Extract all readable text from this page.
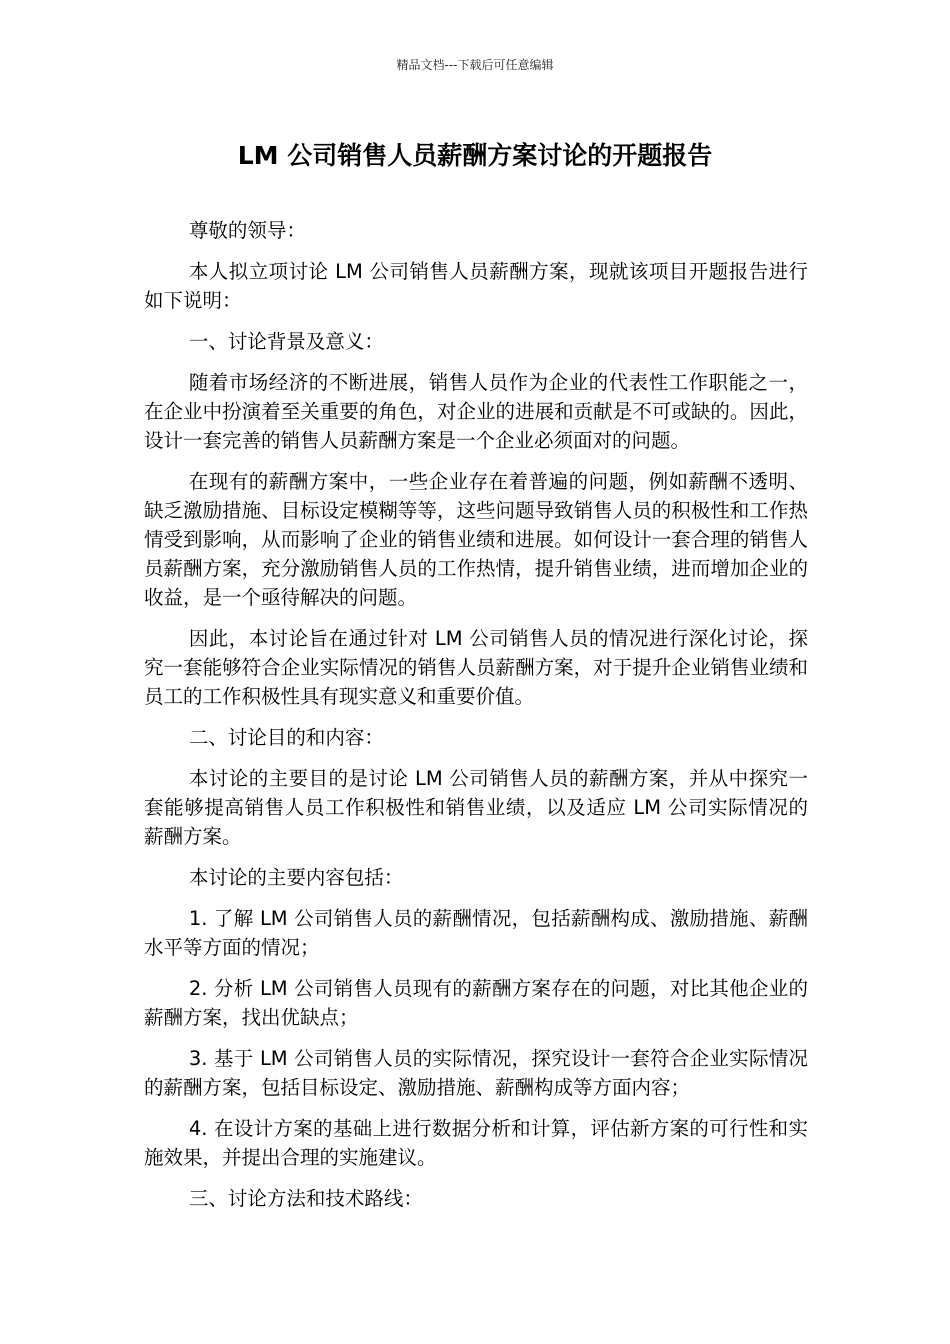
精品文档---下载后可任意编辑
LM 公司销售人员薪酬方案讨论的开题报告

尊敬的领导：

本人拟立项讨论 LM 公司销售人员薪酬方案，现就该项目开题报告进行如下说明：

一、讨论背景及意义：

随着市场经济的不断进展，销售人员作为企业的代表性工作职能之一，在企业中扮演着至关重要的角色，对企业的进展和贡献是不可或缺的。因此，设计一套完善的销售人员薪酬方案是一个企业必须面对的问题。

在现有的薪酬方案中，一些企业存在着普遍的问题，例如薪酬不透明、缺乏激励措施、目标设定模糊等等，这些问题导致销售人员的积极性和工作热情受到影响，从而影响了企业的销售业绩和进展。如何设计一套合理的销售人员薪酬方案，充分激励销售人员的工作热情，提升销售业绩，进而增加企业的收益，是一个亟待解决的问题。

因此，本讨论旨在通过针对 LM 公司销售人员的情况进行深化讨论，探究一套能够符合企业实际情况的销售人员薪酬方案，对于提升企业销售业绩和员工的工作积极性具有现实意义和重要价值。

二、讨论目的和内容：

本讨论的主要目的是讨论 LM 公司销售人员的薪酬方案，并从中探究一套能够提高销售人员工作积极性和销售业绩，以及适应 LM 公司实际情况的薪酬方案。

本讨论的主要内容包括：

1. 了解 LM 公司销售人员的薪酬情况，包括薪酬构成、激励措施、薪酬水平等方面的情况；

2. 分析 LM 公司销售人员现有的薪酬方案存在的问题，对比其他企业的薪酬方案，找出优缺点；

3. 基于 LM 公司销售人员的实际情况，探究设计一套符合企业实际情况的薪酬方案，包括目标设定、激励措施、薪酬构成等方面内容；

4. 在设计方案的基础上进行数据分析和计算，评估新方案的可行性和实施效果，并提出合理的实施建议。

三、讨论方法和技术路线：
